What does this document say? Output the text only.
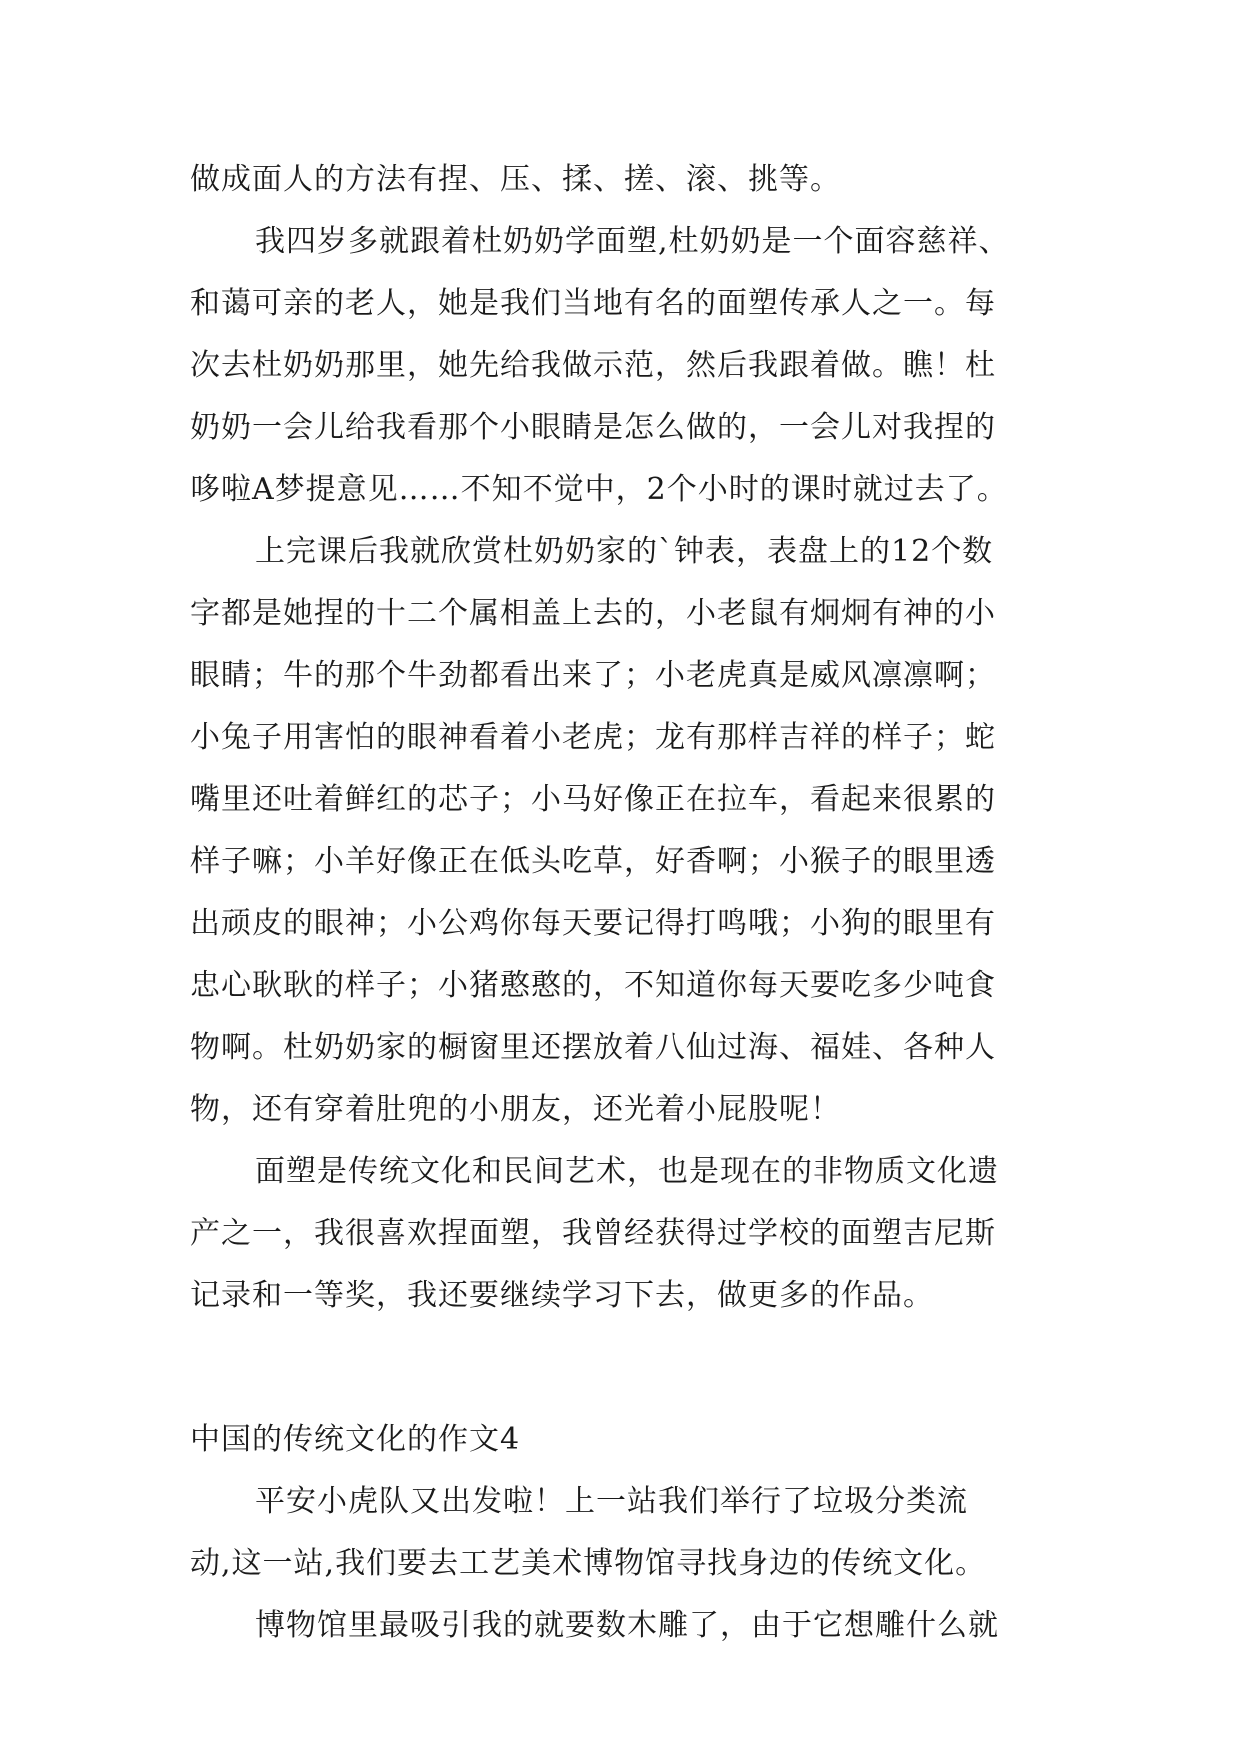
做成面人的方法有捏、压、揉、搓、滚、挑等。
我四岁多就跟着杜奶奶学面塑,杜奶奶是一个面容慈祥、
和蔼可亲的老人，她是我们当地有名的面塑传承人之一。每
次去杜奶奶那里，她先给我做示范，然后我跟着做。瞧！杜
奶奶一会儿给我看那个小眼睛是怎么做的，一会儿对我捏的
哆啦A梦提意见……不知不觉中，2个小时的课时就过去了。
上完课后我就欣赏杜奶奶家的`钟表，表盘上的12个数
字都是她捏的十二个属相盖上去的，小老鼠有炯炯有神的小
眼睛；牛的那个牛劲都看出来了；小老虎真是威风凛凛啊；
小兔子用害怕的眼神看着小老虎；龙有那样吉祥的样子；蛇
嘴里还吐着鲜红的芯子；小马好像正在拉车，看起来很累的
样子嘛；小羊好像正在低头吃草，好香啊；小猴子的眼里透
出顽皮的眼神；小公鸡你每天要记得打鸣哦；小狗的眼里有
忠心耿耿的样子；小猪憨憨的，不知道你每天要吃多少吨食
物啊。杜奶奶家的橱窗里还摆放着八仙过海、福娃、各种人
物，还有穿着肚兜的小朋友，还光着小屁股呢！
面塑是传统文化和民间艺术，也是现在的非物质文化遗
产之一，我很喜欢捏面塑，我曾经获得过学校的面塑吉尼斯
记录和一等奖，我还要继续学习下去，做更多的作品。
中国的传统文化的作文4
平安小虎队又出发啦！上一站我们举行了垃圾分类流
动,这一站,我们要去工艺美术博物馆寻找身边的传统文化。
博物馆里最吸引我的就要数木雕了，由于它想雕什么就
